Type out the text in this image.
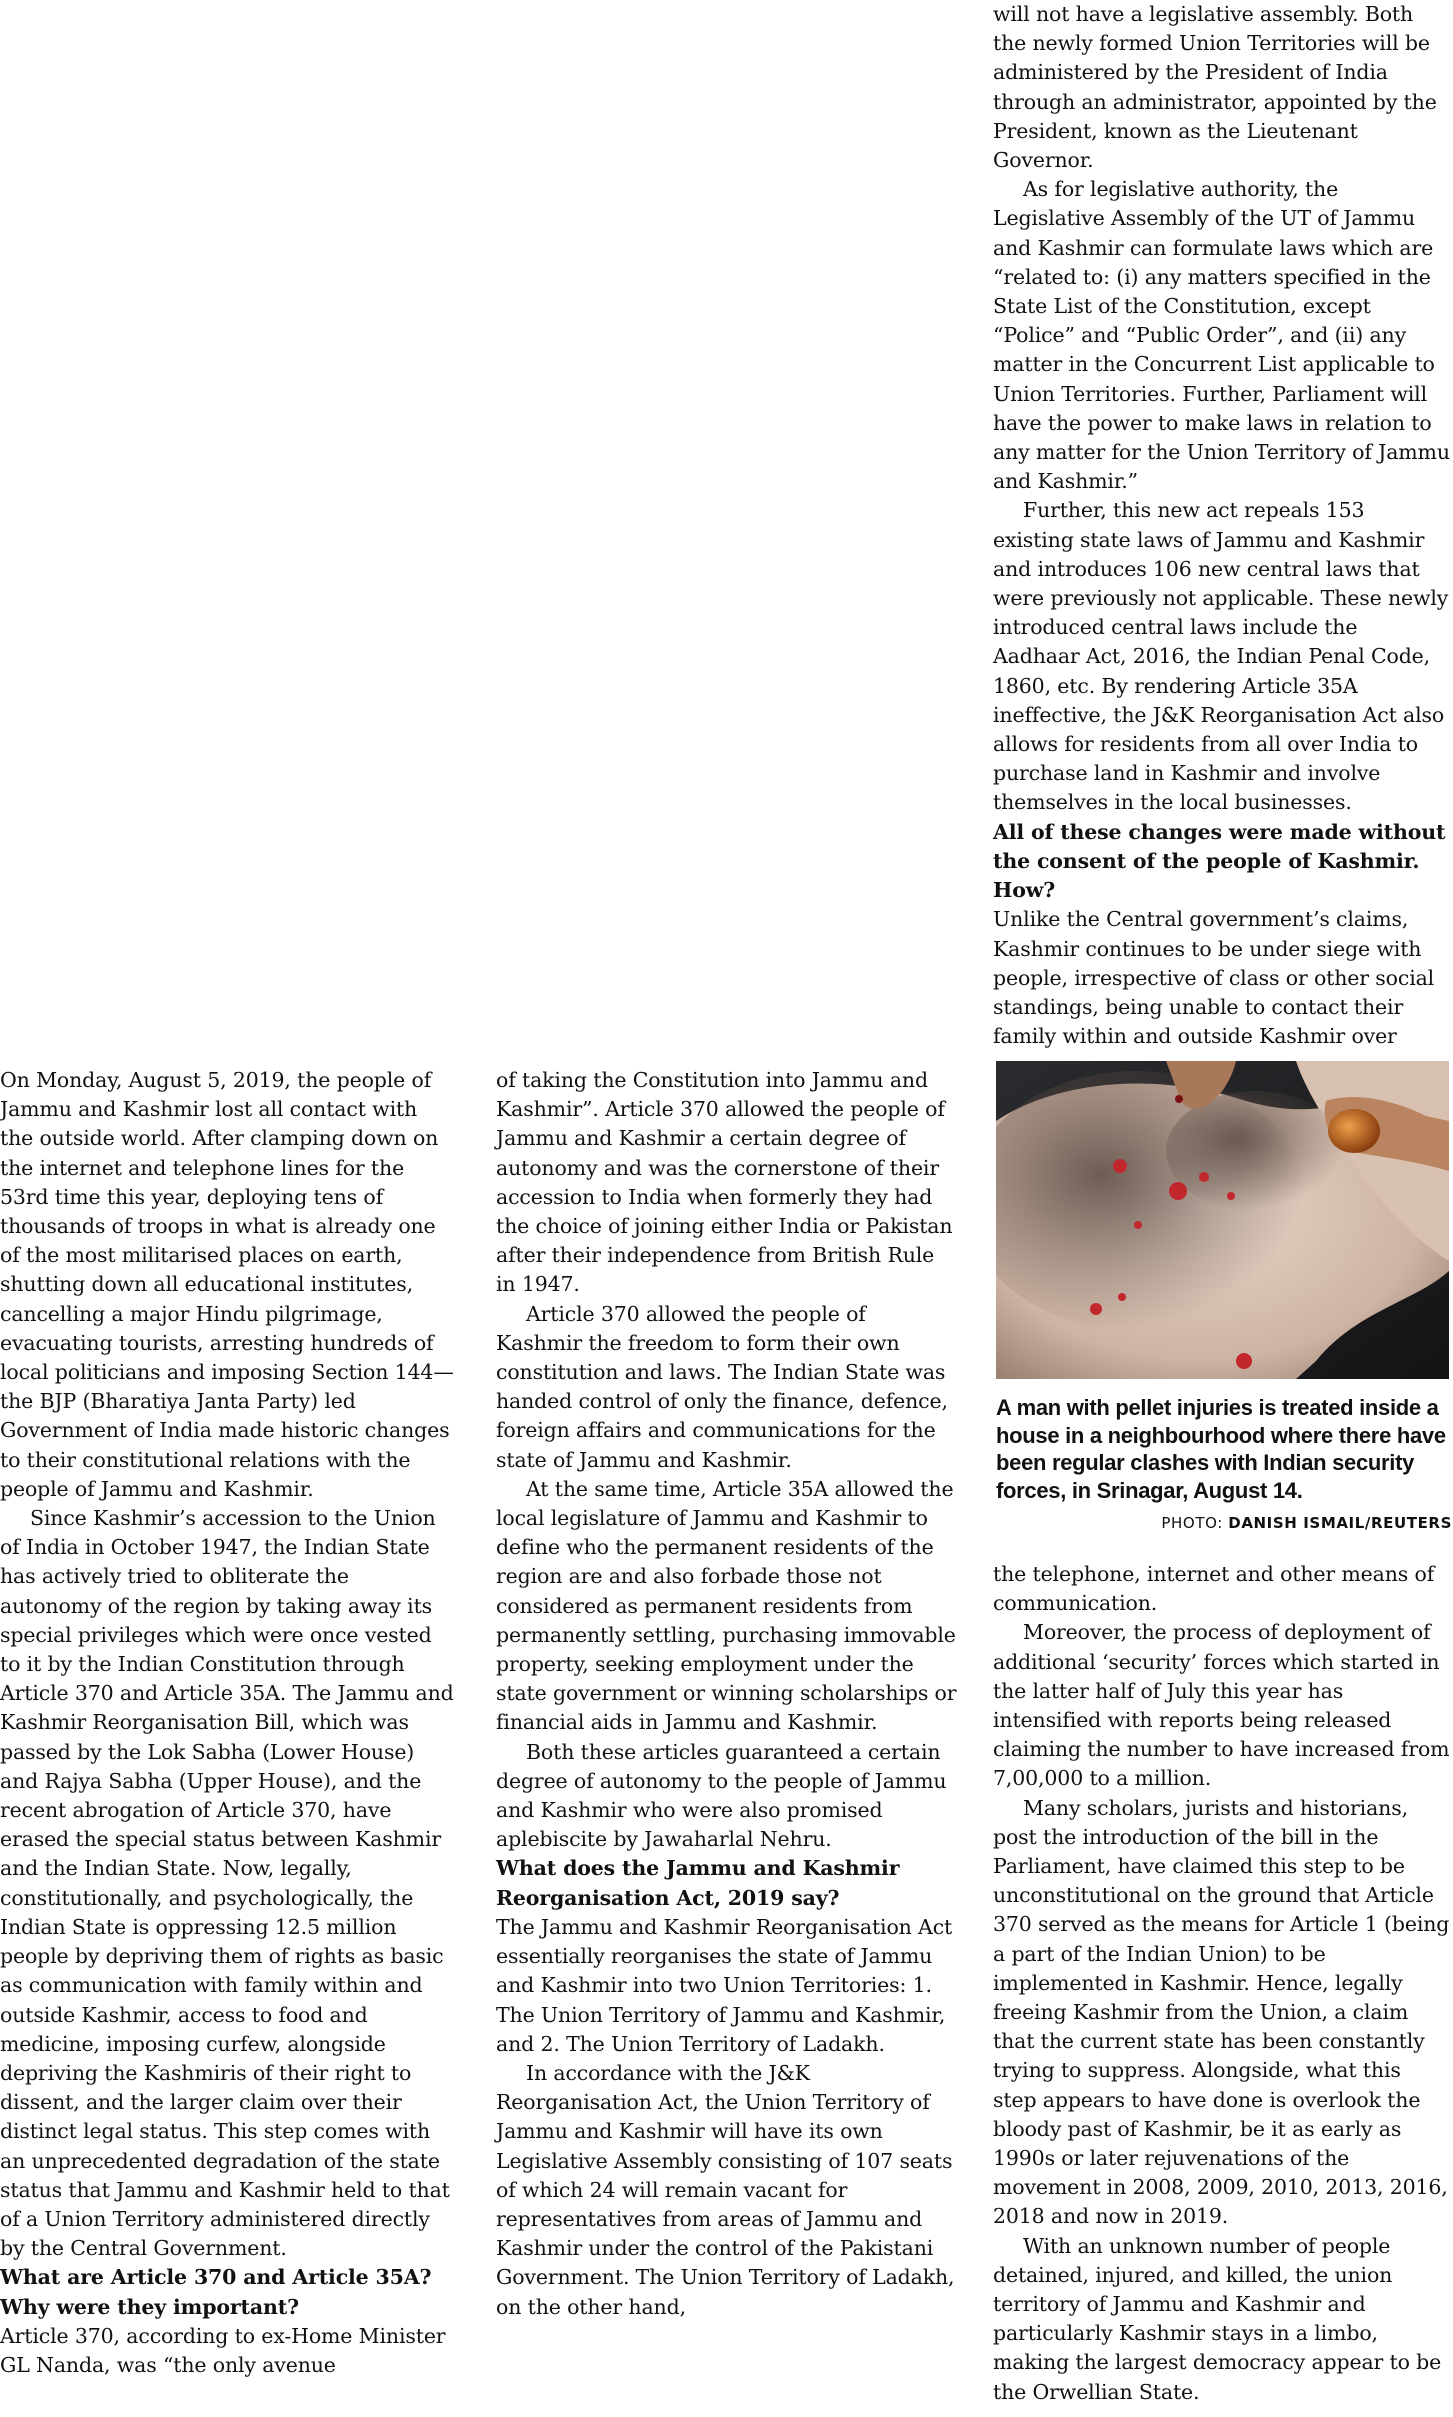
will not have a legislative assembly. Both the newly formed Union Territories will be administered by the President of India through an administrator, appointed by the President, known as the Lieutenant Governor.

As for legislative authority, the Legislative Assembly of the UT of Jammu and Kashmir can formulate laws which are “related to: (i) any matters specified in the State List of the Constitution, except “Police” and “Public Order”, and (ii) any matter in the Concurrent List applicable to Union Territories. Further, Parliament will have the power to make laws in relation to any matter for the Union Territory of Jammu and Kashmir.”

Further, this new act repeals 153 existing state laws of Jammu and Kashmir and introduces 106 new central laws that were previously not applicable. These newly introduced central laws include the Aadhaar Act, 2016, the Indian Penal Code, 1860, etc. By rendering Article 35A ineffective, the J&K Reorganisation Act also allows for residents from all over India to purchase land in Kashmir and involve themselves in the local businesses.

All of these changes were made without the consent of the people of Kashmir. How?

Unlike the Central government’s claims, Kashmir continues to be under siege with people, irrespective of class or other social standings, being unable to contact their family within and outside Kashmir over

A man with pellet injuries is treated inside a house in a neighbourhood where there have been regular clashes with Indian security forces, in Srinagar, August 14.
PHOTO: DANISH ISMAIL/REUTERS

On Monday, August 5, 2019, the people of Jammu and Kashmir lost all contact with the outside world. After clamping down on the internet and telephone lines for the 53rd time this year, deploying tens of thousands of troops in what is already one of the most militarised places on earth, shutting down all educational institutes, cancelling a major Hindu pilgrimage, evacuating tourists, arresting hundreds of local politicians and imposing Section 144—the BJP (Bharatiya Janta Party) led Government of India made historic changes to their constitutional relations with the people of Jammu and Kashmir.

Since Kashmir’s accession to the Union of India in October 1947, the Indian State has actively tried to obliterate the autonomy of the region by taking away its special privileges which were once vested to it by the Indian Constitution through Article 370 and Article 35A. The Jammu and Kashmir Reorganisation Bill, which was passed by the Lok Sabha (Lower House) and Rajya Sabha (Upper House), and the recent abrogation of Article 370, have erased the special status between Kashmir and the Indian State. Now, legally, constitutionally, and psychologically, the Indian State is oppressing 12.5 million people by depriving them of rights as basic as communication with family within and outside Kashmir, access to food and medicine, imposing curfew, alongside depriving the Kashmiris of their right to dissent, and the larger claim over their distinct legal status. This step comes with an unprecedented degradation of the state status that Jammu and Kashmir held to that of a Union Territory administered directly by the Central Government.

What are Article 370 and Article 35A? Why were they important?

Article 370, according to ex-Home Minister GL Nanda, was “the only avenue

of taking the Constitution into Jammu and Kashmir”. Article 370 allowed the people of Jammu and Kashmir a certain degree of autonomy and was the cornerstone of their accession to India when formerly they had the choice of joining either India or Pakistan after their independence from British Rule in 1947.

Article 370 allowed the people of Kashmir the freedom to form their own constitution and laws. The Indian State was handed control of only the finance, defence, foreign affairs and communications for the state of Jammu and Kashmir.

At the same time, Article 35A allowed the local legislature of Jammu and Kashmir to define who the permanent residents of the region are and also forbade those not considered as permanent residents from permanently settling, purchasing immovable property, seeking employment under the state government or winning scholarships or financial aids in Jammu and Kashmir.

Both these articles guaranteed a certain degree of autonomy to the people of Jammu and Kashmir who were also promised aplebiscite by Jawaharlal Nehru.

What does the Jammu and Kashmir Reorganisation Act, 2019 say?

The Jammu and Kashmir Reorganisation Act essentially reorganises the state of Jammu and Kashmir into two Union Territories: 1. The Union Territory of Jammu and Kashmir, and 2. The Union Territory of Ladakh.

In accordance with the J&K Reorganisation Act, the Union Territory of Jammu and Kashmir will have its own Legislative Assembly consisting of 107 seats of which 24 will remain vacant for representatives from areas of Jammu and Kashmir under the control of the Pakistani Government. The Union Territory of Ladakh, on the other hand,

the telephone, internet and other means of communication.

Moreover, the process of deployment of additional ‘security’ forces which started in the latter half of July this year has intensified with reports being released claiming the number to have increased from 7,00,000 to a million.

Many scholars, jurists and historians, post the introduction of the bill in the Parliament, have claimed this step to be unconstitutional on the ground that Article 370 served as the means for Article 1 (being a part of the Indian Union) to be implemented in Kashmir. Hence, legally freeing Kashmir from the Union, a claim that the current state has been constantly trying to suppress. Alongside, what this step appears to have done is overlook the bloody past of Kashmir, be it as early as 1990s or later rejuvenations of the movement in 2008, 2009, 2010, 2013, 2016, 2018 and now in 2019.

With an unknown number of people detained, injured, and killed, the union territory of Jammu and Kashmir and particularly Kashmir stays in a limbo, making the largest democracy appear to be the Orwellian State.
